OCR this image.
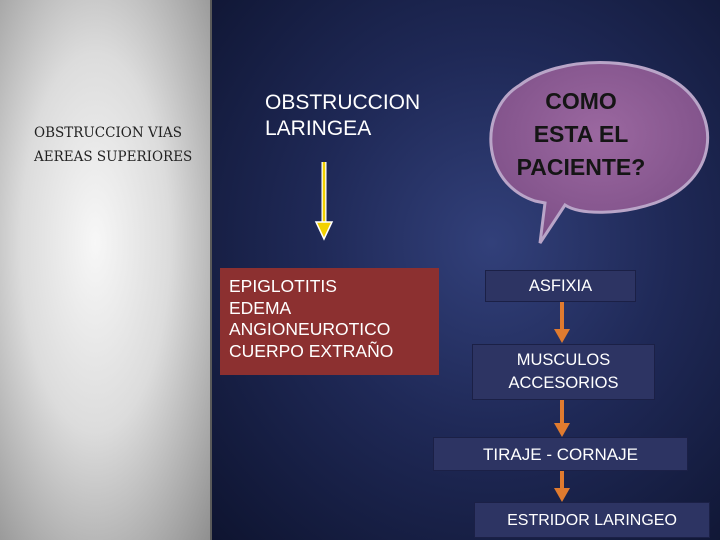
OBSTRUCCION VIAS
AEREAS SUPERIORES
OBSTRUCCION
LARINGEA
EPIGLOTITIS
EDEMA
ANGIONEUROTICO
CUERPO EXTRAÑO
COMO
ESTA EL
PACIENTE?
ASFIXIA
MUSCULOS
ACCESORIOS
TIRAJE - CORNAJE
ESTRIDOR LARINGEO
